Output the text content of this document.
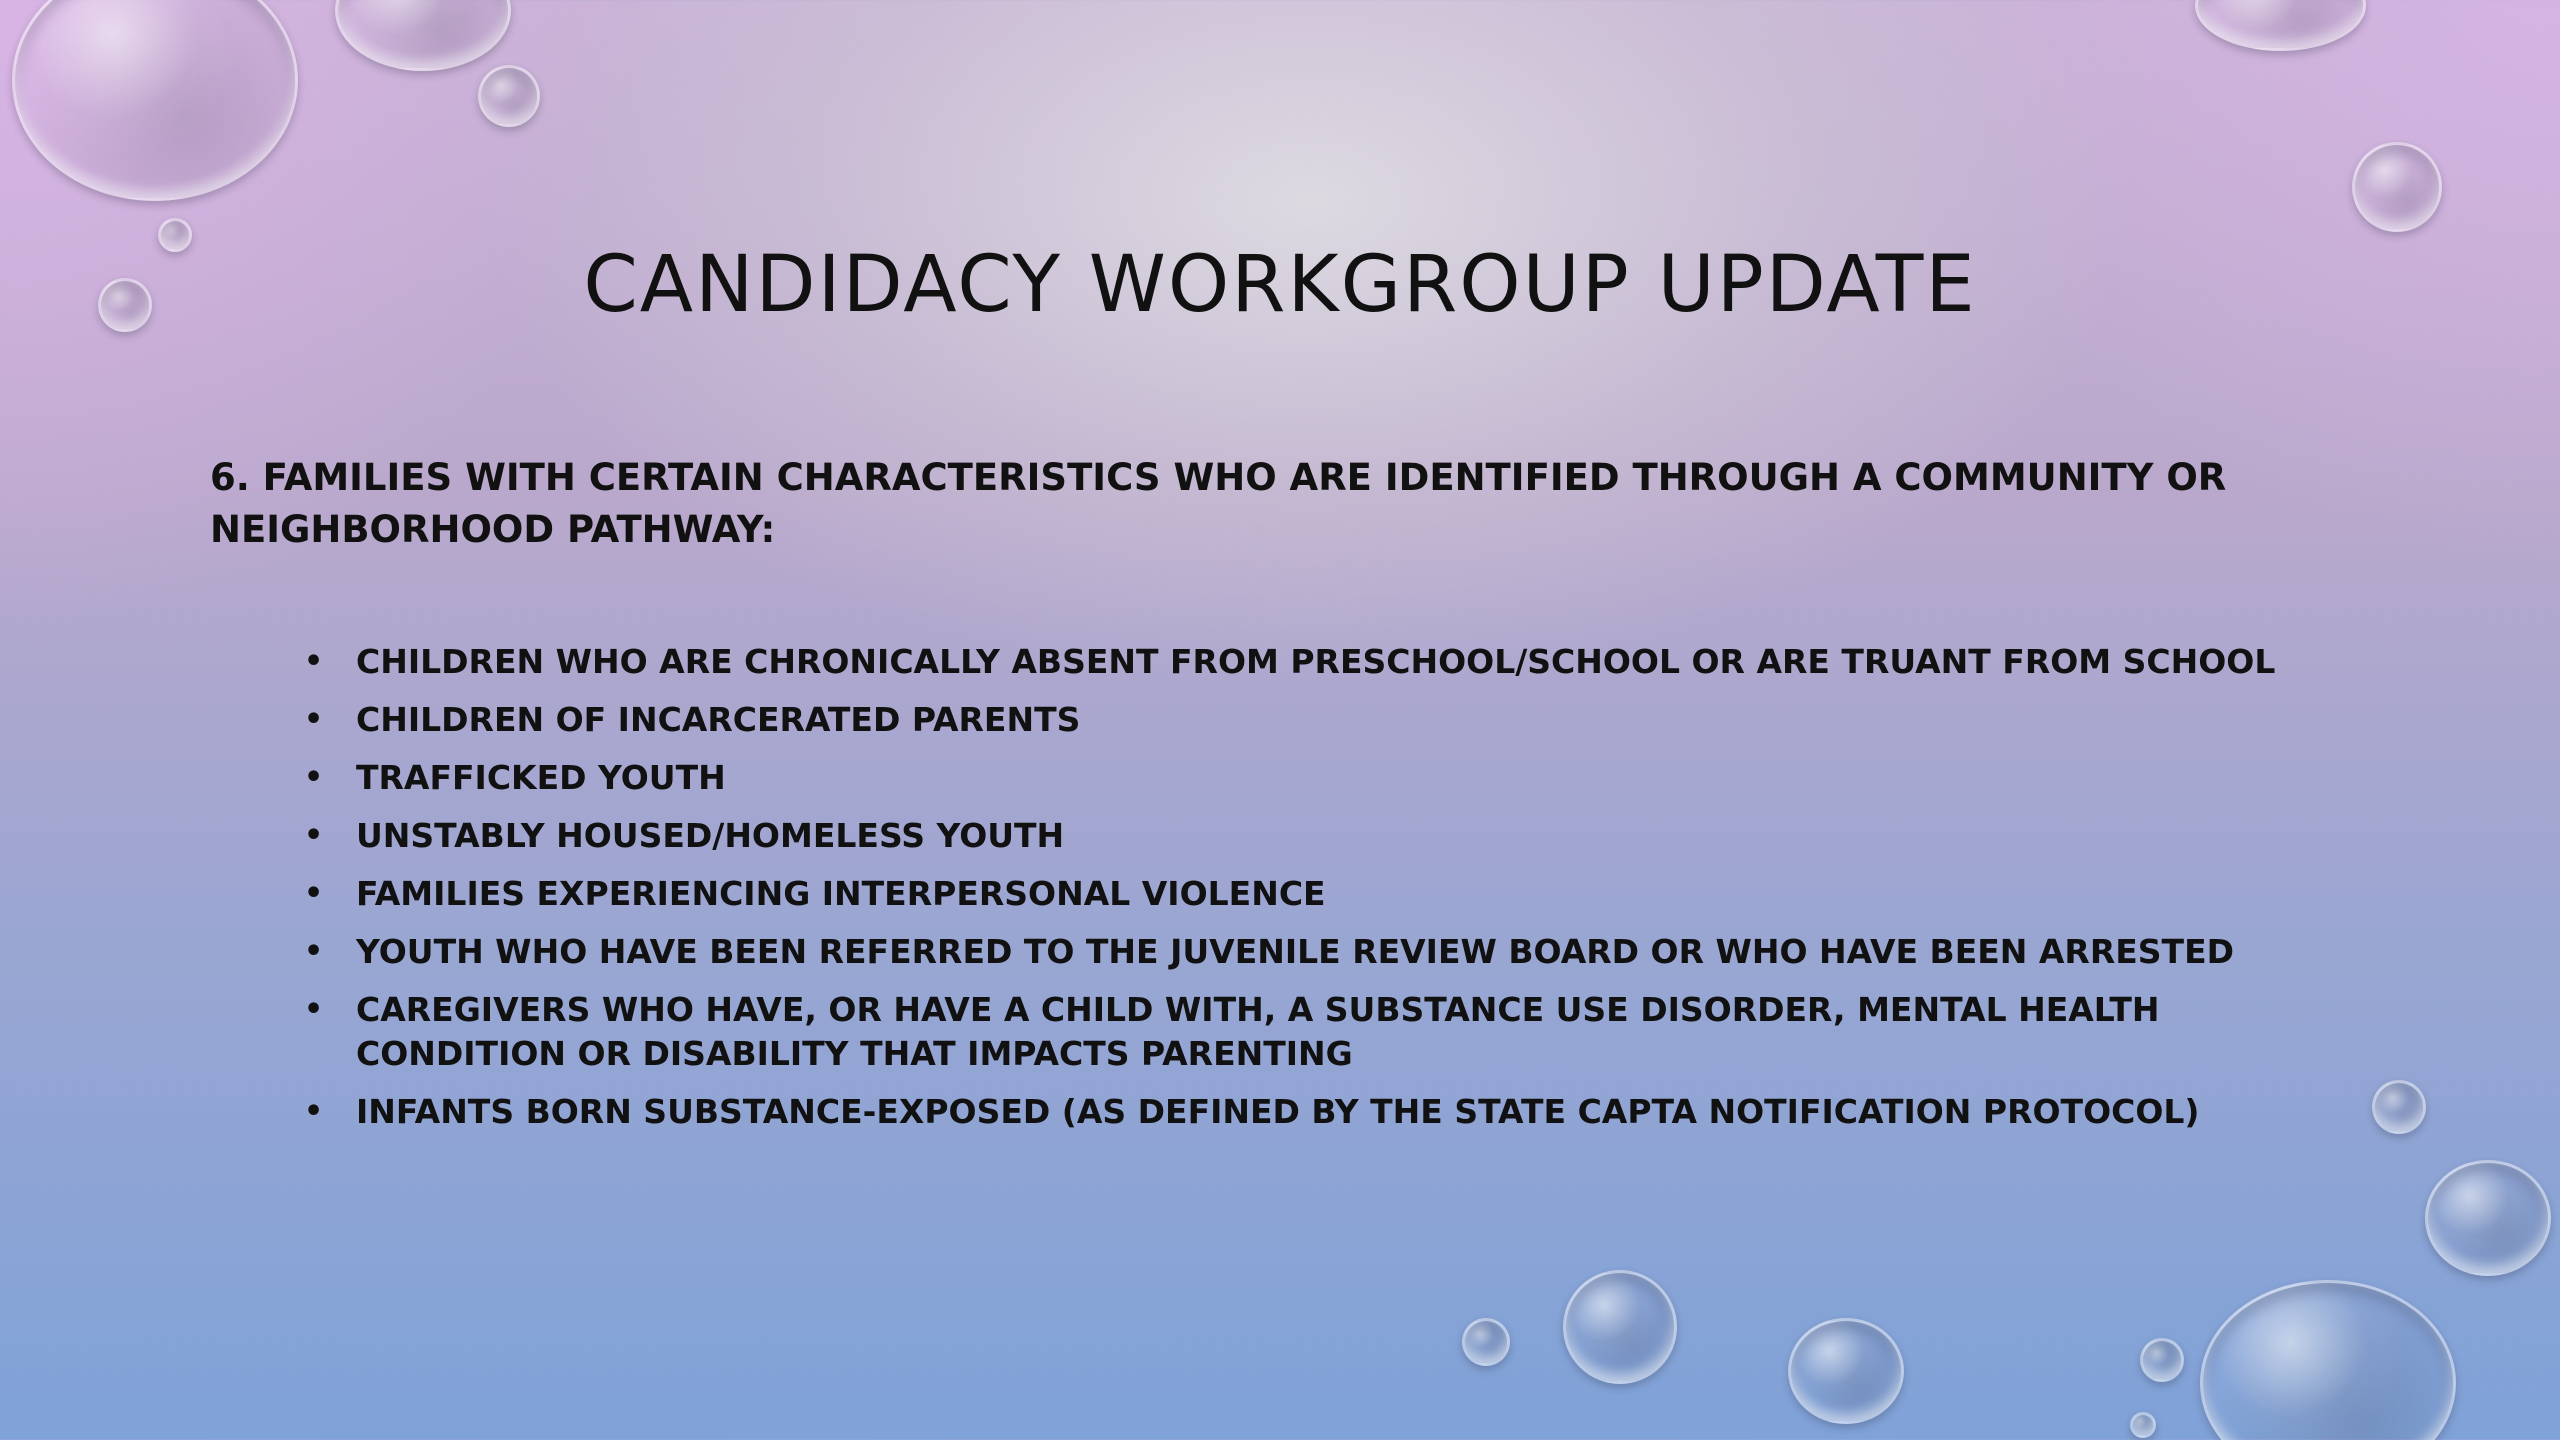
CANDIDACY WORKGROUP UPDATE

6. FAMILIES WITH CERTAIN CHARACTERISTICS WHO ARE IDENTIFIED THROUGH A COMMUNITY OR NEIGHBORHOOD PATHWAY:

• CHILDREN WHO ARE CHRONICALLY ABSENT FROM PRESCHOOL/SCHOOL OR ARE TRUANT FROM SCHOOL
• CHILDREN OF INCARCERATED PARENTS
• TRAFFICKED YOUTH
• UNSTABLY HOUSED/HOMELESS YOUTH
• FAMILIES EXPERIENCING INTERPERSONAL VIOLENCE
• YOUTH WHO HAVE BEEN REFERRED TO THE JUVENILE REVIEW BOARD OR WHO HAVE BEEN ARRESTED
• CAREGIVERS WHO HAVE, OR HAVE A CHILD WITH, A SUBSTANCE USE DISORDER, MENTAL HEALTH CONDITION OR DISABILITY THAT IMPACTS PARENTING
• INFANTS BORN SUBSTANCE-EXPOSED (AS DEFINED BY THE STATE CAPTA NOTIFICATION PROTOCOL)
